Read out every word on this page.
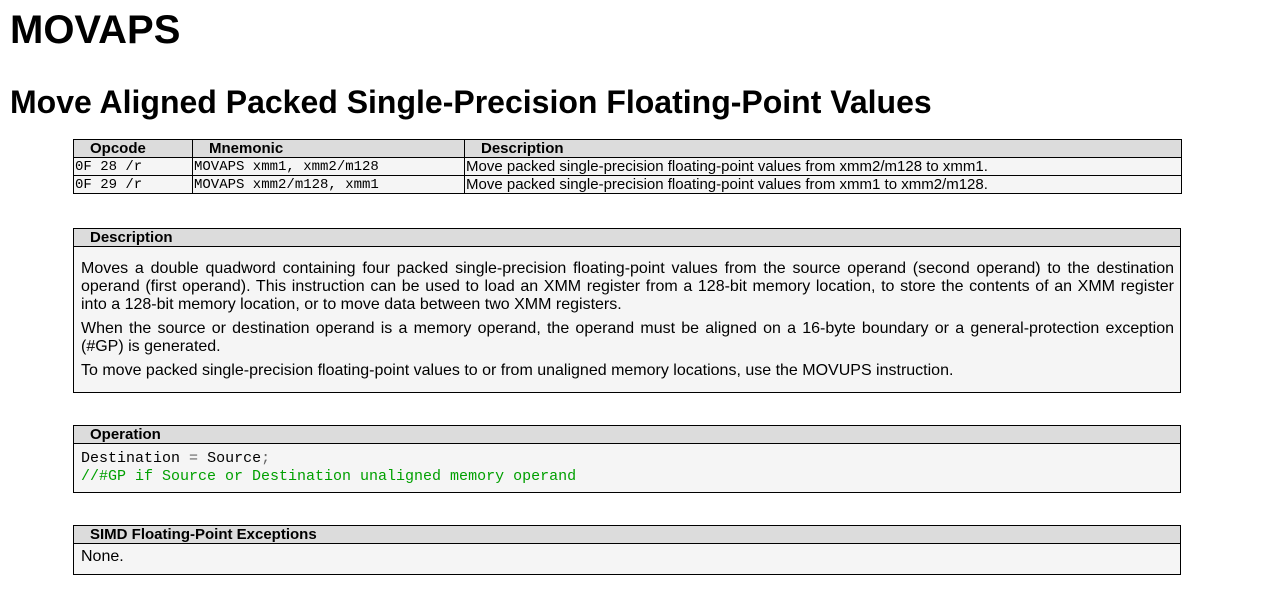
MOVAPS
Move Aligned Packed Single-Precision Floating-Point Values
Opcode	Mnemonic	Description
0F 28 /r	MOVAPS xmm1, xmm2/m128	Move packed single-precision floating-point values from xmm2/m128 to xmm1.
0F 29 /r	MOVAPS xmm2/m128, xmm1	Move packed single-precision floating-point values from xmm1 to xmm2/m128.
Description

Moves a double quadword containing four packed single-precision floating-point values from the source operand (second operand) to the destination operand (first operand). This instruction can be used to load an XMM register from a 128-bit memory location, to store the contents of an XMM register into a 128-bit memory location, or to move data between two XMM registers.

When the source or destination operand is a memory operand, the operand must be aligned on a 16-byte boundary or a general-protection exception (#GP) is generated.

To move packed single-precision floating-point values to or from unaligned memory locations, use the MOVUPS instruction.

Operation
Destination = Source;
//#GP if Source or Destination unaligned memory operand
SIMD Floating-Point Exceptions
None.
